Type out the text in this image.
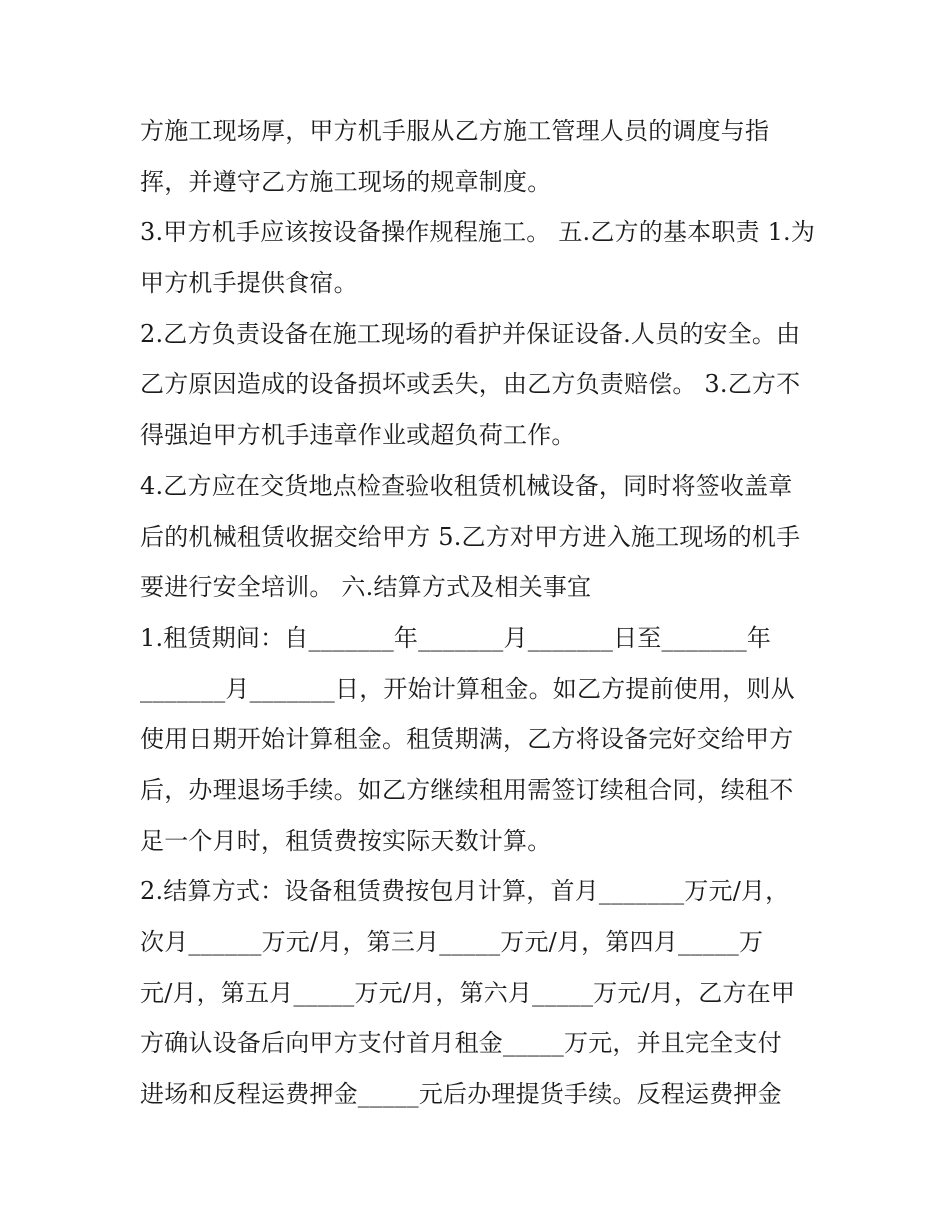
方施工现场厚，甲方机手服从乙方施工管理人员的调度与指
挥，并遵守乙方施工现场的规章制度。
3.甲方机手应该按设备操作规程施工。 五.乙方的基本职责 1.为
甲方机手提供食宿。
2.乙方负责设备在施工现场的看护并保证设备.人员的安全。由
乙方原因造成的设备损坏或丢失，由乙方负责赔偿。 3.乙方不
得强迫甲方机手违章作业或超负荷工作。
4.乙方应在交货地点检查验收租赁机械设备，同时将签收盖章
后的机械租赁收据交给甲方 5.乙方对甲方进入施工现场的机手
要进行安全培训。 六.结算方式及相关事宜
1.租赁期间：自_______年_______月_______日至_______年
_______月_______日，开始计算租金。如乙方提前使用，则从
使用日期开始计算租金。租赁期满，乙方将设备完好交给甲方
后，办理退场手续。如乙方继续租用需签订续租合同，续租不
足一个月时，租赁费按实际天数计算。
2.结算方式：设备租赁费按包月计算，首月_______万元/月，
次月______万元/月，第三月_____万元/月，第四月_____万
元/月，第五月_____万元/月，第六月_____万元/月，乙方在甲
方确认设备后向甲方支付首月租金_____万元，并且完全支付
进场和反程运费押金_____元后办理提货手续。反程运费押金
